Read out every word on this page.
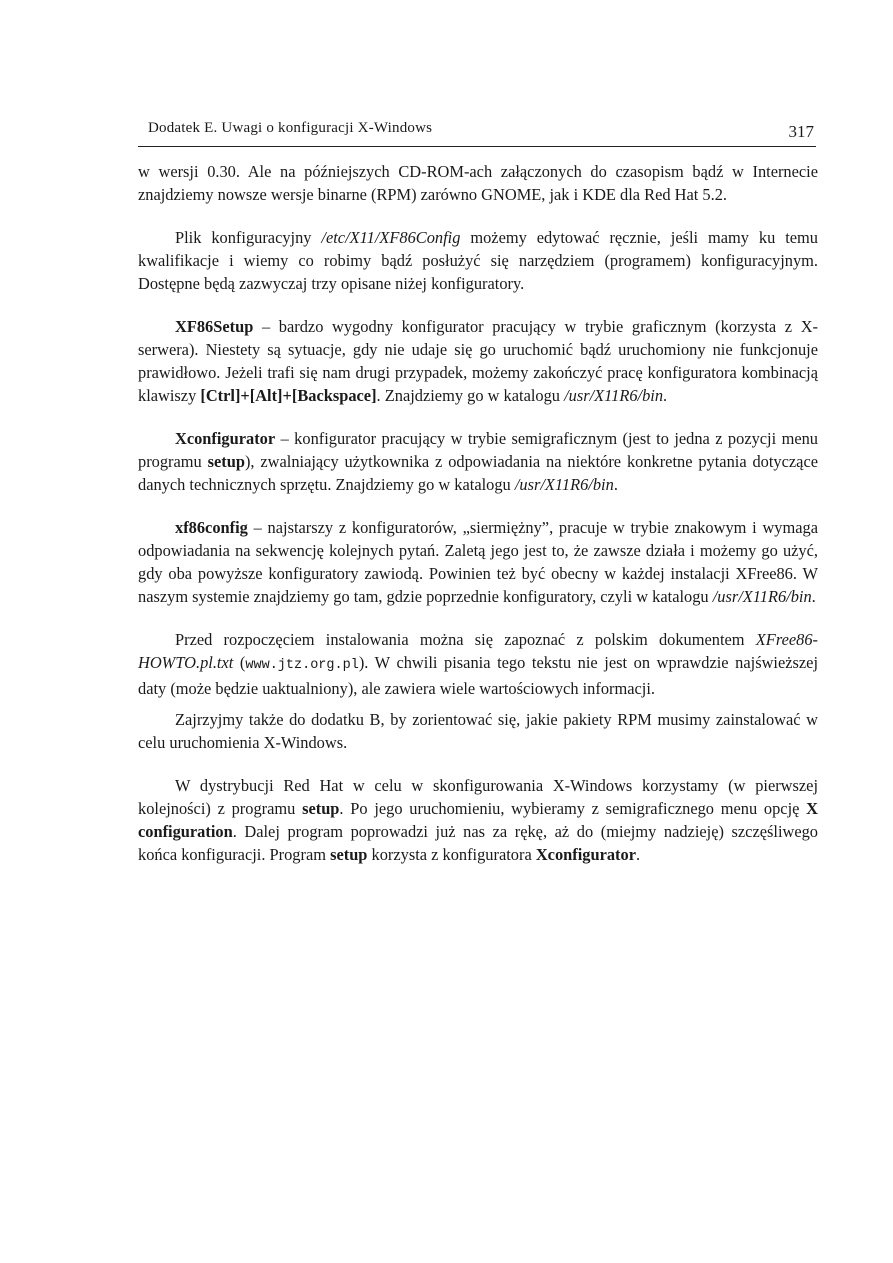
Dodatek E. Uwagi o konfiguracji X-Windows	317

w wersji 0.30. Ale na późniejszych CD-ROM-ach załączonych do czasopism bądź w Internecie znajdziemy nowsze wersje binarne (RPM) zarówno GNOME, jak i KDE dla Red Hat 5.2.

Plik konfiguracyjny /etc/X11/XF86Config możemy edytować ręcznie, jeśli mamy ku temu kwalifikacje i wiemy co robimy bądź posłużyć się narzędziem (programem) konfiguracyjnym. Dostępne będą zazwyczaj trzy opisane niżej konfiguratory.

XF86Setup – bardzo wygodny konfigurator pracujący w trybie graficznym (korzysta z X-serwera). Niestety są sytuacje, gdy nie udaje się go uruchomić bądź uruchomiony nie funkcjonuje prawidłowo. Jeżeli trafi się nam drugi przypadek, możemy zakończyć pracę konfiguratora kombinacją klawiszy [Ctrl]+[Alt]+[Backspace]. Znajdziemy go w katalogu /usr/X11R6/bin.

Xconfigurator – konfigurator pracujący w trybie semigraficznym (jest to jedna z pozycji menu programu setup), zwalniający użytkownika z odpowiadania na niektóre konkretne pytania dotyczące danych technicznych sprzętu. Znajdziemy go w katalogu /usr/X11R6/bin.

xf86config – najstarszy z konfiguratorów, „siermiężny”, pracuje w trybie znakowym i wymaga odpowiadania na sekwencję kolejnych pytań. Zaletą jego jest to, że zawsze działa i możemy go użyć, gdy oba powyższe konfiguratory zawiodą. Powinien też być obecny w każdej instalacji XFree86. W naszym systemie znajdziemy go tam, gdzie poprzednie konfiguratory, czyli w katalogu /usr/X11R6/bin.

Przed rozpoczęciem instalowania można się zapoznać z polskim dokumentem XFree86-HOWTO.pl.txt (www.jtz.org.pl). W chwili pisania tego tekstu nie jest on wprawdzie najświeższej daty (może będzie uaktualniony), ale zawiera wiele wartościowych informacji.

Zajrzyjmy także do dodatku B, by zorientować się, jakie pakiety RPM musimy zainstalować w celu uruchomienia X-Windows.

W dystrybucji Red Hat w celu w skonfigurowania X-Windows korzystamy (w pierwszej kolejności) z programu setup. Po jego uruchomieniu, wybieramy z semigraficznego menu opcję X configuration. Dalej program poprowadzi już nas za rękę, aż do (miejmy nadzieję) szczęśliwego końca konfiguracji. Program setup korzysta z konfiguratora Xconfigurator.
